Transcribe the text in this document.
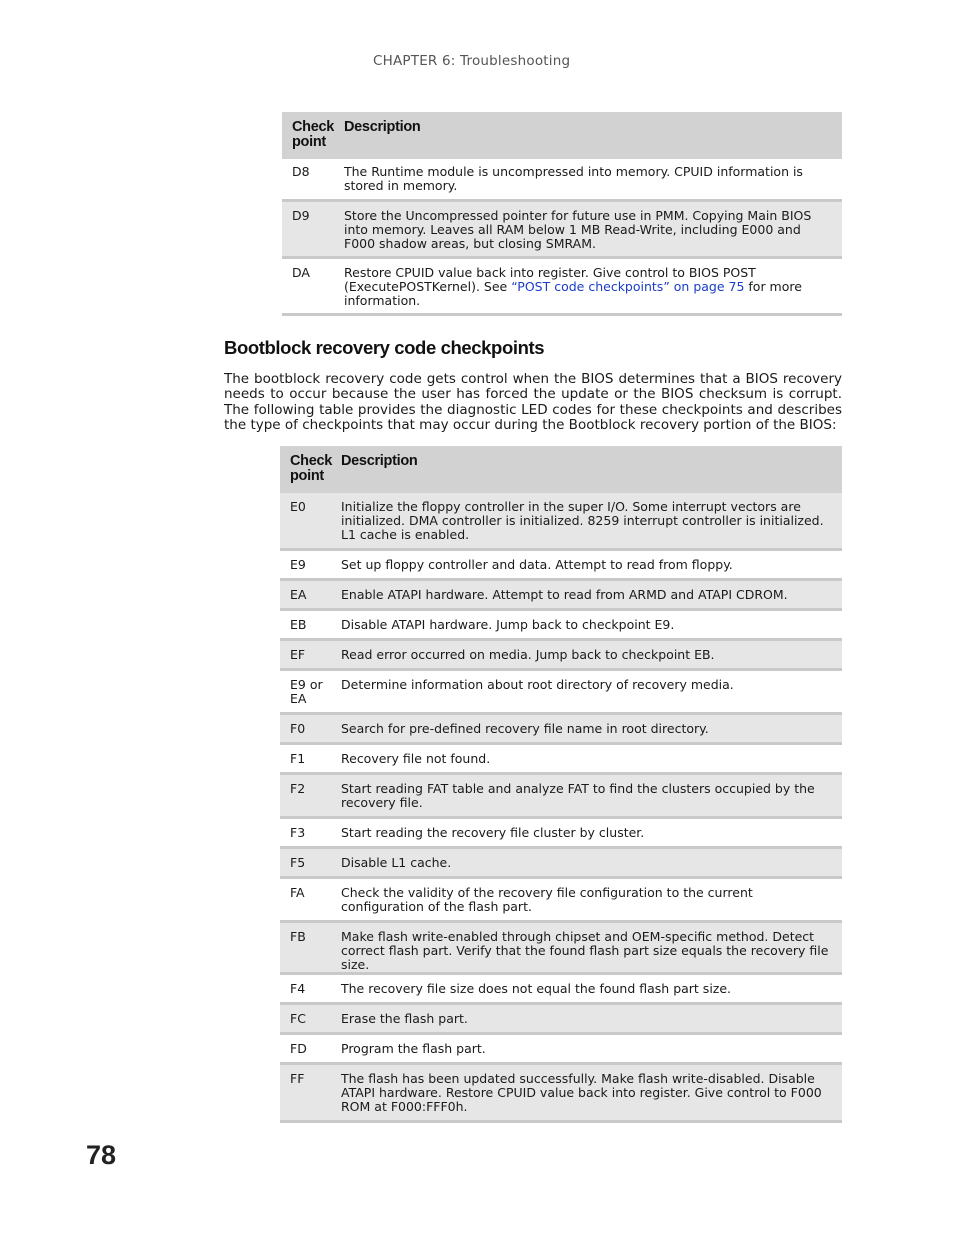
CHAPTER 6: Troubleshooting
Check point	Description
D8	The Runtime module is uncompressed into memory. CPUID information is stored in memory.
D9	Store the Uncompressed pointer for future use in PMM. Copying Main BIOS into memory. Leaves all RAM below 1 MB Read-Write, including E000 and F000 shadow areas, but closing SMRAM.
DA	Restore CPUID value back into register. Give control to BIOS POST (ExecutePOSTKernel). See “POST code checkpoints” on page 75 for more information.
Bootblock recovery code checkpoints

The bootblock recovery code gets control when the BIOS determines that a BIOS recovery needs to occur because the user has forced the update or the BIOS checksum is corrupt. The following table provides the diagnostic LED codes for these checkpoints and describes the type of checkpoints that may occur during the Bootblock recovery portion of the BIOS:

Check point	Description
E0	Initialize the floppy controller in the super I/O. Some interrupt vectors are initialized. DMA controller is initialized. 8259 interrupt controller is initialized. L1 cache is enabled.
E9	Set up floppy controller and data. Attempt to read from floppy.
EA	Enable ATAPI hardware. Attempt to read from ARMD and ATAPI CDROM.
EB	Disable ATAPI hardware. Jump back to checkpoint E9.
EF	Read error occurred on media. Jump back to checkpoint EB.
E9 or EA	Determine information about root directory of recovery media.
F0	Search for pre-defined recovery file name in root directory.
F1	Recovery file not found.
F2	Start reading FAT table and analyze FAT to find the clusters occupied by the recovery file.
F3	Start reading the recovery file cluster by cluster.
F5	Disable L1 cache.
FA	Check the validity of the recovery file configuration to the current configuration of the flash part.
FB	Make flash write-enabled through chipset and OEM-specific method. Detect correct flash part. Verify that the found flash part size equals the recovery file size.
F4	The recovery file size does not equal the found flash part size.
FC	Erase the flash part.
FD	Program the flash part.
FF	The flash has been updated successfully. Make flash write-disabled. Disable ATAPI hardware. Restore CPUID value back into register. Give control to F000 ROM at F000:FFF0h.
78
